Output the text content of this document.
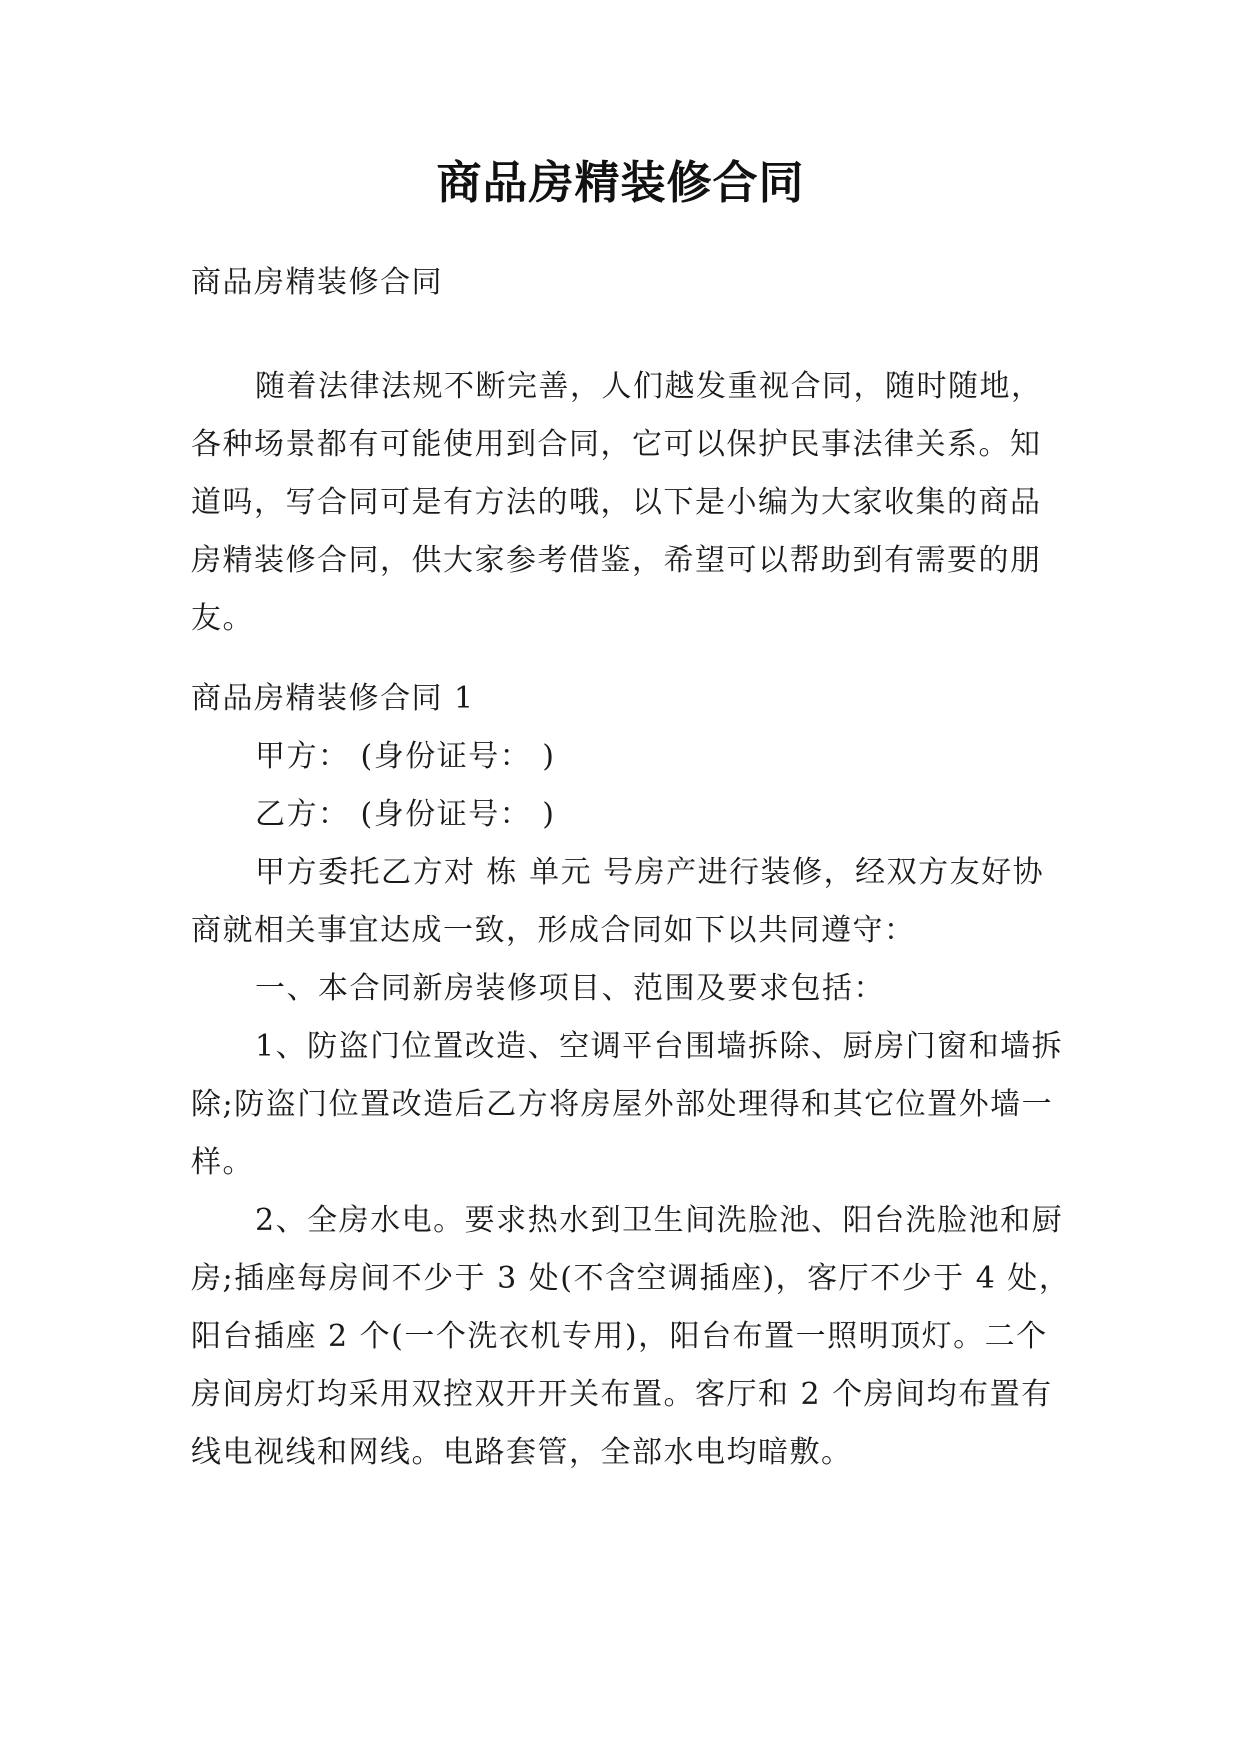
商品房精装修合同
商品房精装修合同

随着法律法规不断完善，人们越发重视合同，随时随地，各种场景都有可能使用到合同，它可以保护民事法律关系。知道吗，写合同可是有方法的哦，以下是小编为大家收集的商品房精装修合同，供大家参考借鉴，希望可以帮助到有需要的朋友。

商品房精装修合同 1
甲方： (身份证号： )
乙方： (身份证号： )

甲方委托乙方对 栋 单元 号房产进行装修，经双方友好协商就相关事宜达成一致，形成合同如下以共同遵守：

一、本合同新房装修项目、范围及要求包括：

1、防盗门位置改造、空调平台围墙拆除、厨房门窗和墙拆除;防盗门位置改造后乙方将房屋外部处理得和其它位置外墙一样。

2、全房水电。要求热水到卫生间洗脸池、阳台洗脸池和厨房;插座每房间不少于 3 处(不含空调插座)，客厅不少于 4 处，阳台插座 2 个(一个洗衣机专用)，阳台布置一照明顶灯。二个房间房灯均采用双控双开开关布置。客厅和 2 个房间均布置有线电视线和网线。电路套管，全部水电均暗敷。
